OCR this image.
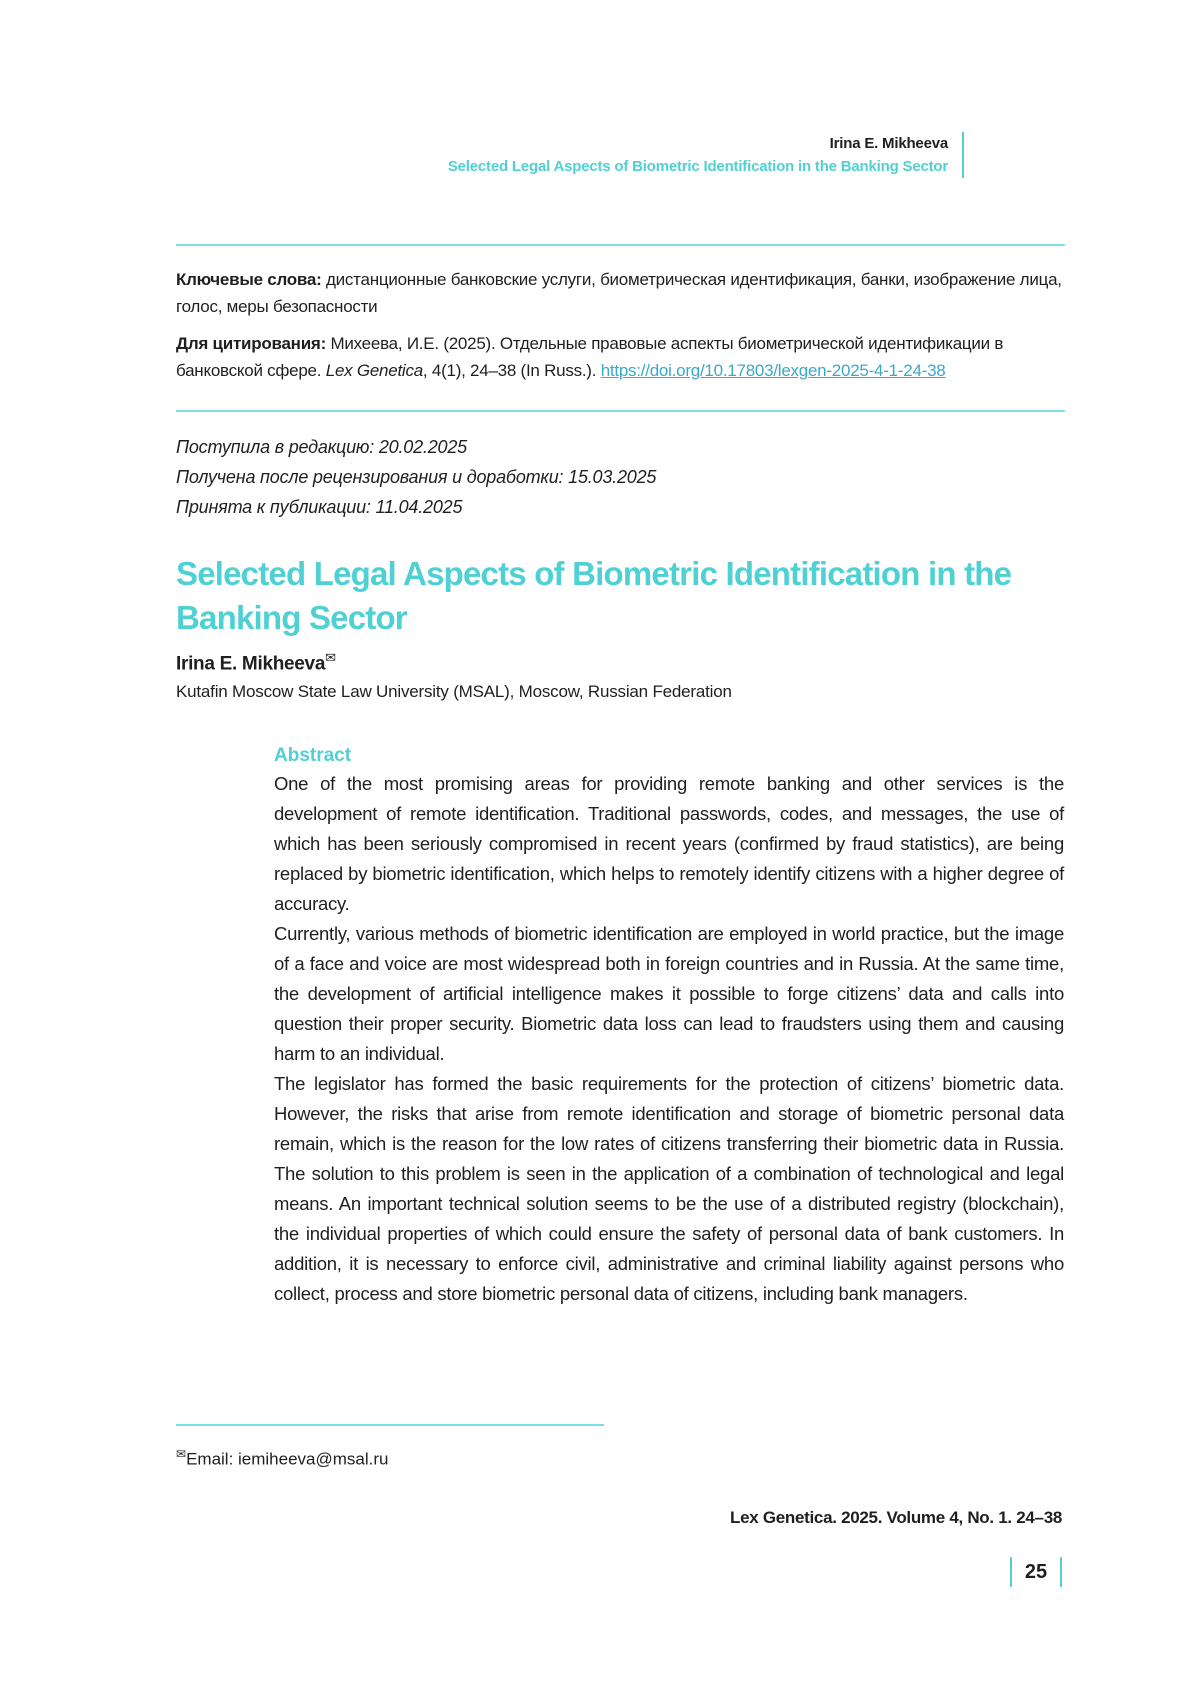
Irina E. Mikheeva
Selected Legal Aspects of Biometric Identification in the Banking Sector
Ключевые слова: дистанционные банковские услуги, биометрическая идентификация, банки, изображение лица, голос, меры безопасности
Для цитирования: Михеева, И.Е. (2025). Отдельные правовые аспекты биометрической идентификации в банковской сфере. Lex Genetica, 4(1), 24–38 (In Russ.). https://doi.org/10.17803/lexgen-2025-4-1-24-38
Поступила в редакцию: 20.02.2025
Получена после рецензирования и доработки: 15.03.2025
Принята к публикации: 11.04.2025
Selected Legal Aspects of Biometric Identification in the Banking Sector
Irina E. Mikheeva✉
Kutafin Moscow State Law University (MSAL), Moscow, Russian Federation
Abstract

One of the most promising areas for providing remote banking and other services is the development of remote identification. Traditional passwords, codes, and messages, the use of which has been seriously compromised in recent years (confirmed by fraud statistics), are being replaced by biometric identification, which helps to remotely identify citizens with a higher degree of accuracy.

Currently, various methods of biometric identification are employed in world practice, but the image of a face and voice are most widespread both in foreign countries and in Russia. At the same time, the development of artificial intelligence makes it possible to forge citizens’ data and calls into question their proper security. Biometric data loss can lead to fraudsters using them and causing harm to an individual.

The legislator has formed the basic requirements for the protection of citizens’ biometric data. However, the risks that arise from remote identification and storage of biometric personal data remain, which is the reason for the low rates of citizens transferring their biometric data in Russia. The solution to this problem is seen in the application of a combination of technological and legal means. An important technical solution seems to be the use of a distributed registry (blockchain), the individual properties of which could ensure the safety of personal data of bank customers. In addition, it is necessary to enforce civil, administrative and criminal liability against persons who collect, process and store biometric personal data of citizens, including bank managers.

✉Email: iemiheeva@msal.ru
Lex Genetica. 2025. Volume 4, No. 1. 24–38
25
